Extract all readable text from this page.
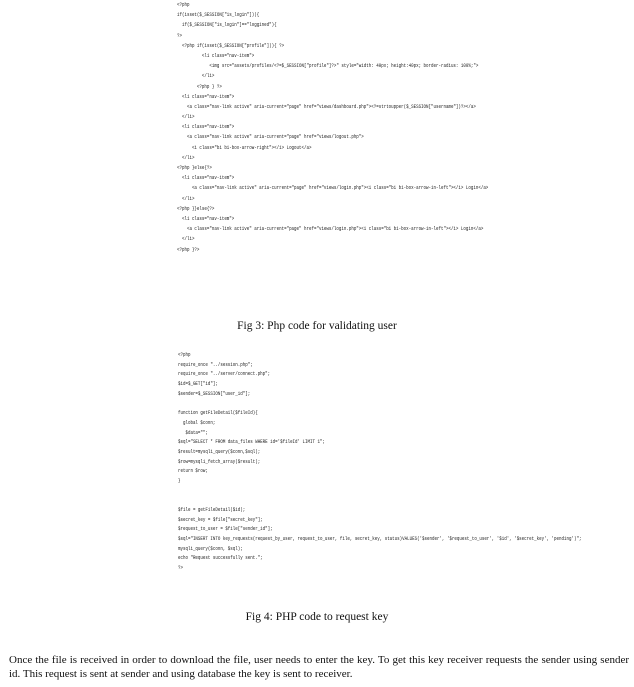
<?php
if(isset($_SESSION["is_login"])){
if($_SESSION["is_login"]=="loggined"){
?>
<?php if(isset($_SESSION["profile"])){ ?>
<li class="nav-item">
<img src="assets/profiles/<?=$_SESSION["profile"]?>" style="width: 40px; height:40px; border-radius: 100%;">
</li>
<?php } ?>
<li class="nav-item">
<a class="nav-link active" aria-current="page" href="views/dashboard.php"><?=strtoupper($_SESSION["username"])?></a>
</li>
<li class="nav-item">
<a class="nav-link active" aria-current="page" href="views/logout.php">
<i class="bi bi-box-arrow-right"></i> Logout</a>
</li>
<?php }else{?>
<li class="nav-item">
<a class="nav-link active" aria-current="page" href="views/login.php"><i class="bi bi-box-arrow-in-left"></i> Login</a>
</li>
<?php }}else{?>
<li class="nav-item">
<a class="nav-link active" aria-current="page" href="views/login.php"><i class="bi bi-box-arrow-in-left"></i> Login</a>
</li>
<?php }?>
Fig 3: Php code for validating user
<?php
require_once "../session.php";
require_once "../server/connect.php";
$id=$_GET["id"];
$sender=$_SESSION["user_id"];
function getFileDetail($fileId){
global $conn;
$data="";
$sql="SELECT * FROM data_files WHERE id='$fileId' LIMIT 1";
$result=mysqli_query($conn,$sql);
$row=mysqli_fetch_array($result);
return $row;
}
$file = getFileDetail($id);
$secret_key = $file["secret_key"];
$request_to_user = $file["sender_id"];
$sql="INSERT INTO key_requests(request_by_user, request_to_user, file, secret_key, status)VALUES('$sender', '$request_to_user', '$id', '$secret_key', 'pending')";
mysqli_query($conn, $sql);
echo "Request successfully sent.";
?>
Fig 4: PHP code to request key

Once the file is received in order to download the file, user needs to enter the key. To get this key receiver requests the sender using sender id. This request is sent at sender and using database the key is sent to receiver.
